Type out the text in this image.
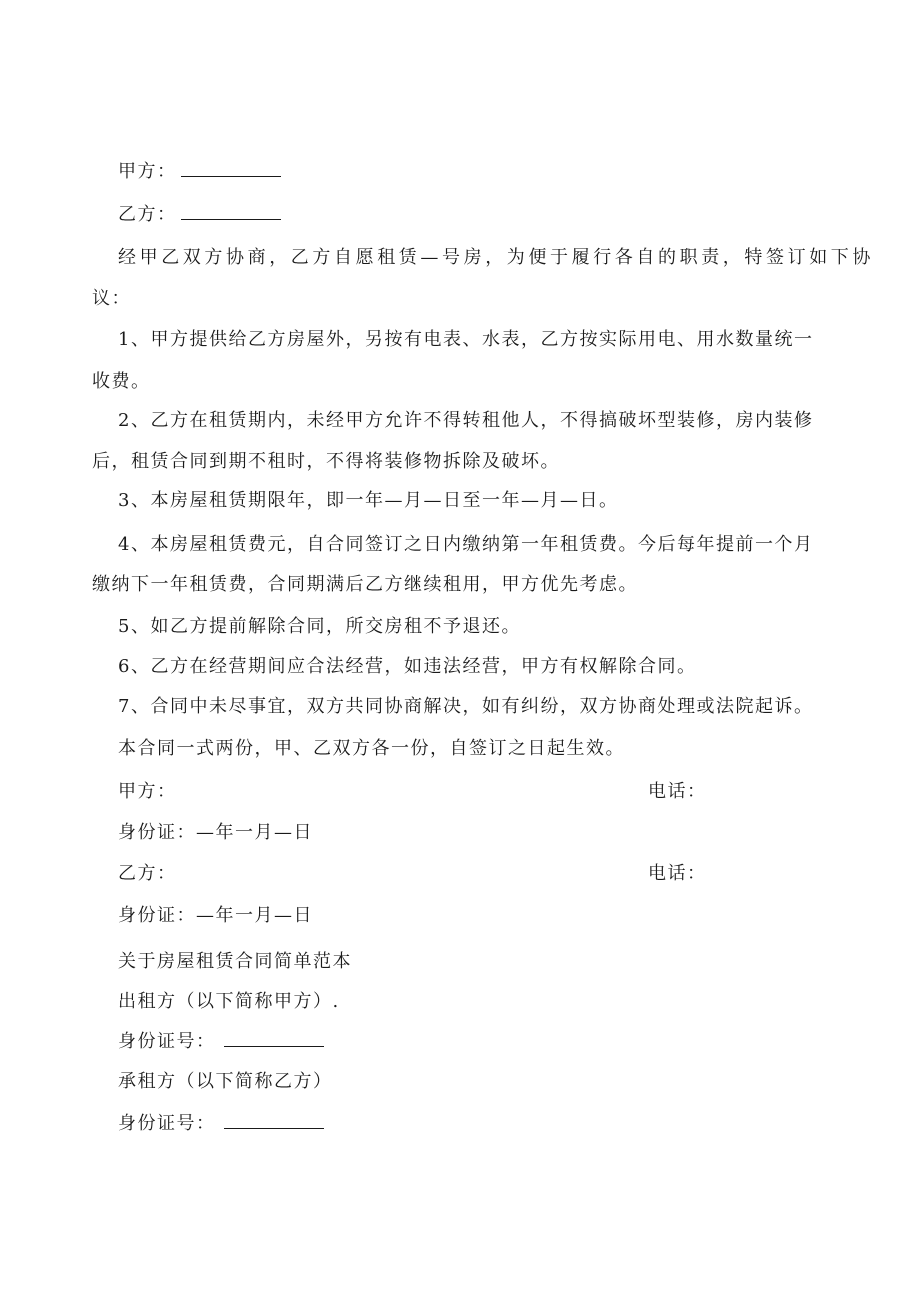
甲方：

乙方：

经甲乙双方协商，乙方自愿租赁—号房，为便于履行各自的职责，特签订如下协

议：

1、甲方提供给乙方房屋外，另按有电表、水表，乙方按实际用电、用水数量统一

收费。

2、乙方在租赁期内，未经甲方允许不得转租他人，不得搞破坏型装修，房内装修

后，租赁合同到期不租时，不得将装修物拆除及破坏。

3、本房屋租赁期限年，即一年—月—日至一年—月—日。

4、本房屋租赁费元，自合同签订之日内缴纳第一年租赁费。今后每年提前一个月

缴纳下一年租赁费，合同期满后乙方继续租用，甲方优先考虑。

5、如乙方提前解除合同，所交房租不予退还。

6、乙方在经营期间应合法经营，如违法经营，甲方有权解除合同。

7、合同中未尽事宜，双方共同协商解决，如有纠纷，双方协商处理或法院起诉。

本合同一式两份，甲、乙双方各一份，自签订之日起生效。

甲方：	电话：

身份证：—年一月—日

乙方：	电话：

身份证：—年一月—日

关于房屋租赁合同简单范本

出租方（以下简称甲方）.

身份证号：

承租方（以下简称乙方）

身份证号：
